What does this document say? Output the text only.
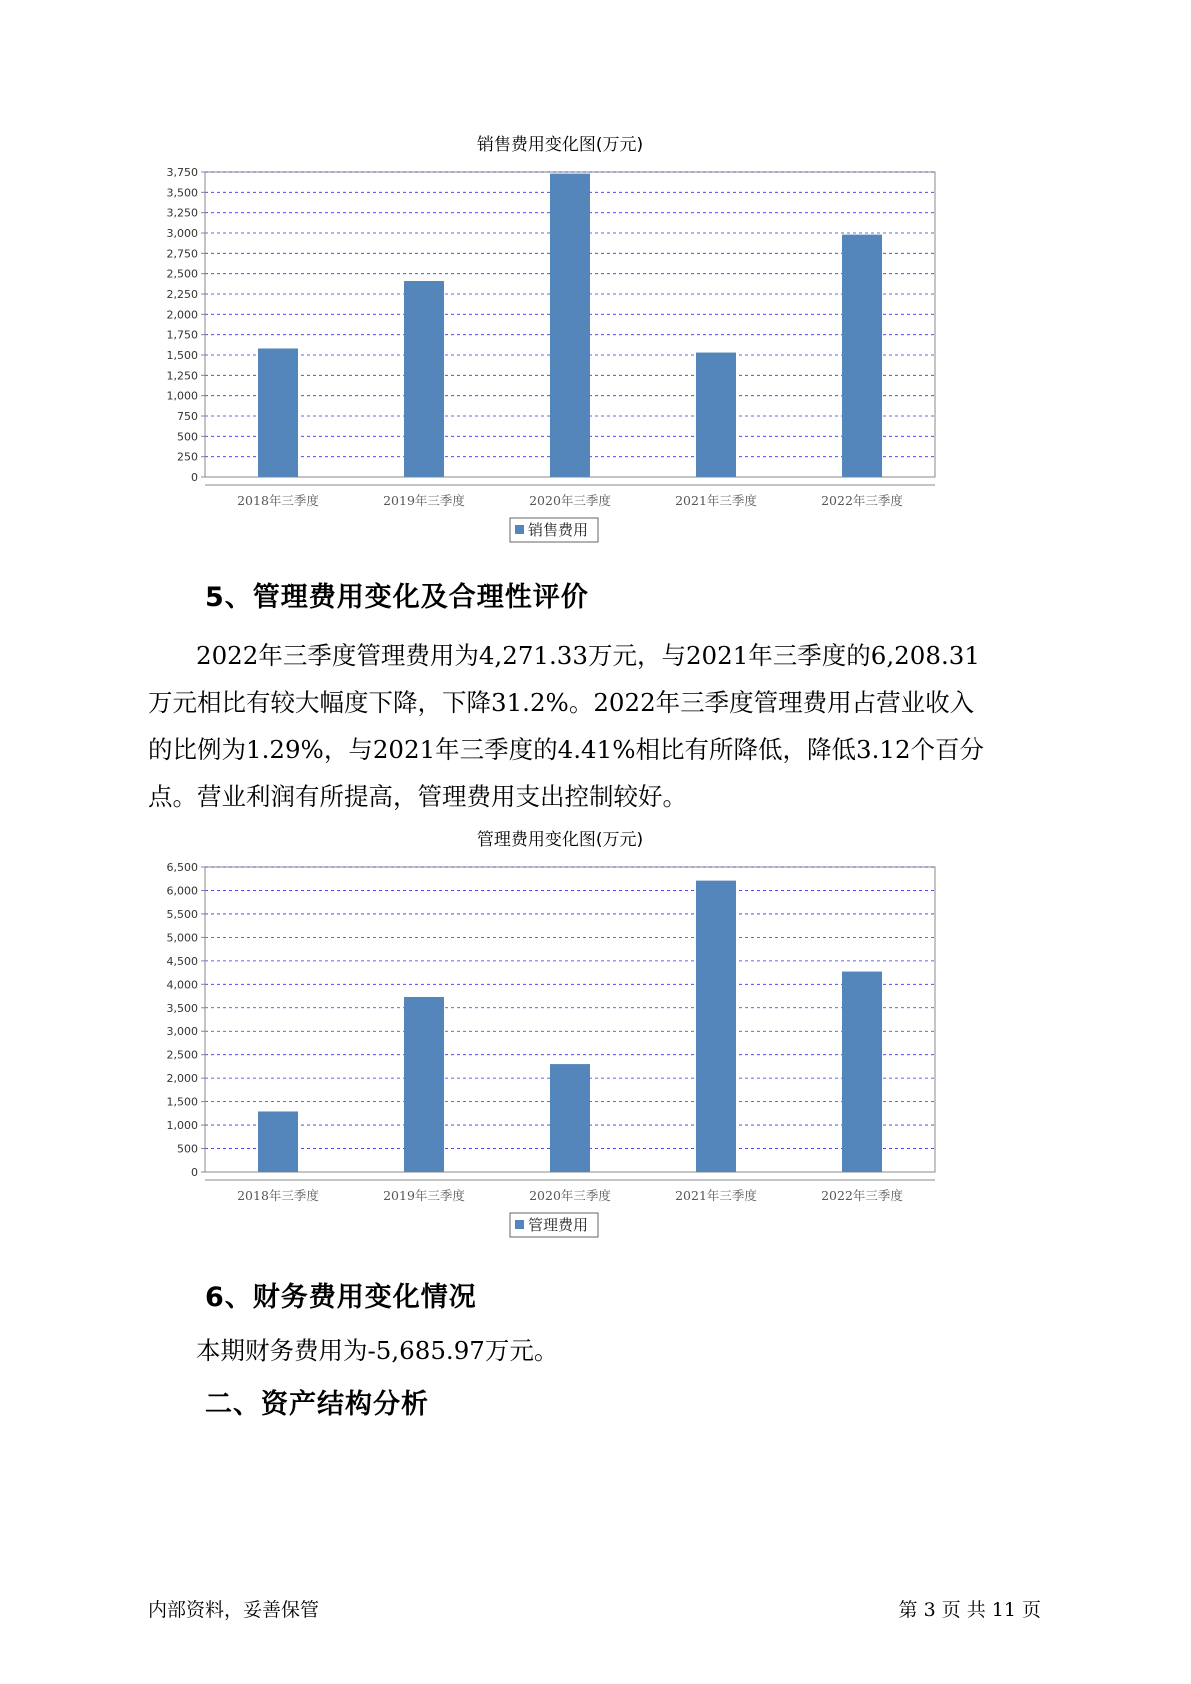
销售费用变化图(万元)
0
250
500
750
1,000
1,250
1,500
1,750
2,000
2,250
2,500
2,750
3,000
3,250
3,500
3,750
2018年三季度	2019年三季度	2020年三季度	2021年三季度	2022年三季度
销售费用
5、管理费用变化及合理性评价
2022年三季度管理费用为4,271.33万元，与2021年三季度的6,208.31
万元相比有较大幅度下降，下降31.2%。2022年三季度管理费用占营业收入
的比例为1.29%，与2021年三季度的4.41%相比有所降低，降低3.12个百分
点。营业利润有所提高，管理费用支出控制较好。
管理费用变化图(万元)
0
500
1,000
1,500
2,000
2,500
3,000
3,500
4,000
4,500
5,000
5,500
6,000
6,500
2018年三季度	2019年三季度	2020年三季度	2021年三季度	2022年三季度
管理费用
6、财务费用变化情况
本期财务费用为-5,685.97万元。
二、资产结构分析
内部资料，妥善保管	第 3 页 共 11 页
